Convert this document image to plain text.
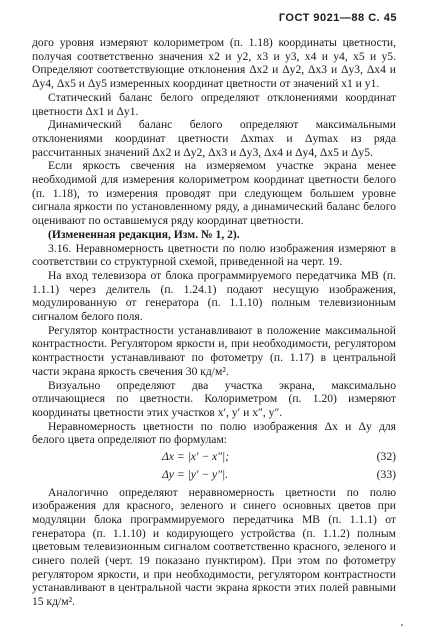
ГОСТ 9021—88 С. 45

дого уровня измеряют колориметром (п. 1.18) координаты цветности, получая соответственно значения x2 и y2, x3 и y3, x4 и y4, x5 и y5. Определяют соответствующие отклонения Δx2 и Δy2, Δx3 и Δy3, Δx4 и Δy4, Δx5 и Δy5 измеренных координат цветности от значений x1 и y1.

Статический баланс белого определяют отклонениями координат цветности Δx1 и Δy1.

Динамический баланс белого определяют максимальными отклонениями координат цветности Δxmax и Δymax из ряда рассчитанных значений Δx2 и Δy2, Δx3 и Δy3, Δx4 и Δy4, Δx5 и Δy5.

Если яркость свечения на измеряемом участке экрана менее необходимой для измерения колориметром координат цветности белого (п. 1.18), то измерения проводят при следующем большем уровне сигнала яркости по установленному ряду, а динамический баланс белого оценивают по оставшемуся ряду координат цветности.

(Измененная редакция, Изм. № 1, 2).

3.16. Неравномерность цветности по полю изображения измеряют в соответствии со структурной схемой, приведенной на черт. 19.

На вход телевизора от блока программируемого передатчика МВ (п. 1.1.1) через делитель (п. 1.24.1) подают несущую изображения, модулированную от генератора (п. 1.1.10) полным телевизионным сигналом белого поля.

Регулятор контрастности устанавливают в положение максимальной контрастности. Регулятором яркости и, при необходимости, регулятором контрастности устанавливают по фотометру (п. 1.17) в центральной части экрана яркость свечения 30 кд/м².

Визуально определяют два участка экрана, максимально отличающиеся по цветности. Колориметром (п. 1.20) измеряют координаты цветности этих участков x′, y′ и x″, y″.

Неравномерность цветности по полю изображения Δx и Δy для белого цвета определяют по формулам:

Δx = |x′ − x″|;	(32)
Δy = |y′ − y″|.	(33)

Аналогично определяют неравномерность цветности по полю изображения для красного, зеленого и синего основных цветов при модуляции блока программируемого передатчика МВ (п. 1.1.1) от генератора (п. 1.1.10) и кодирующего устройства (п. 1.1.2) полным цветовым телевизионным сигналом соответственно красного, зеленого и синего полей (черт. 19 показано пунктиром). При этом по фотометру регулятором яркости, и при необходимости, регулятором контрастности устанавливают в центральной части экрана яркости этих полей равными 15 кд/м².
